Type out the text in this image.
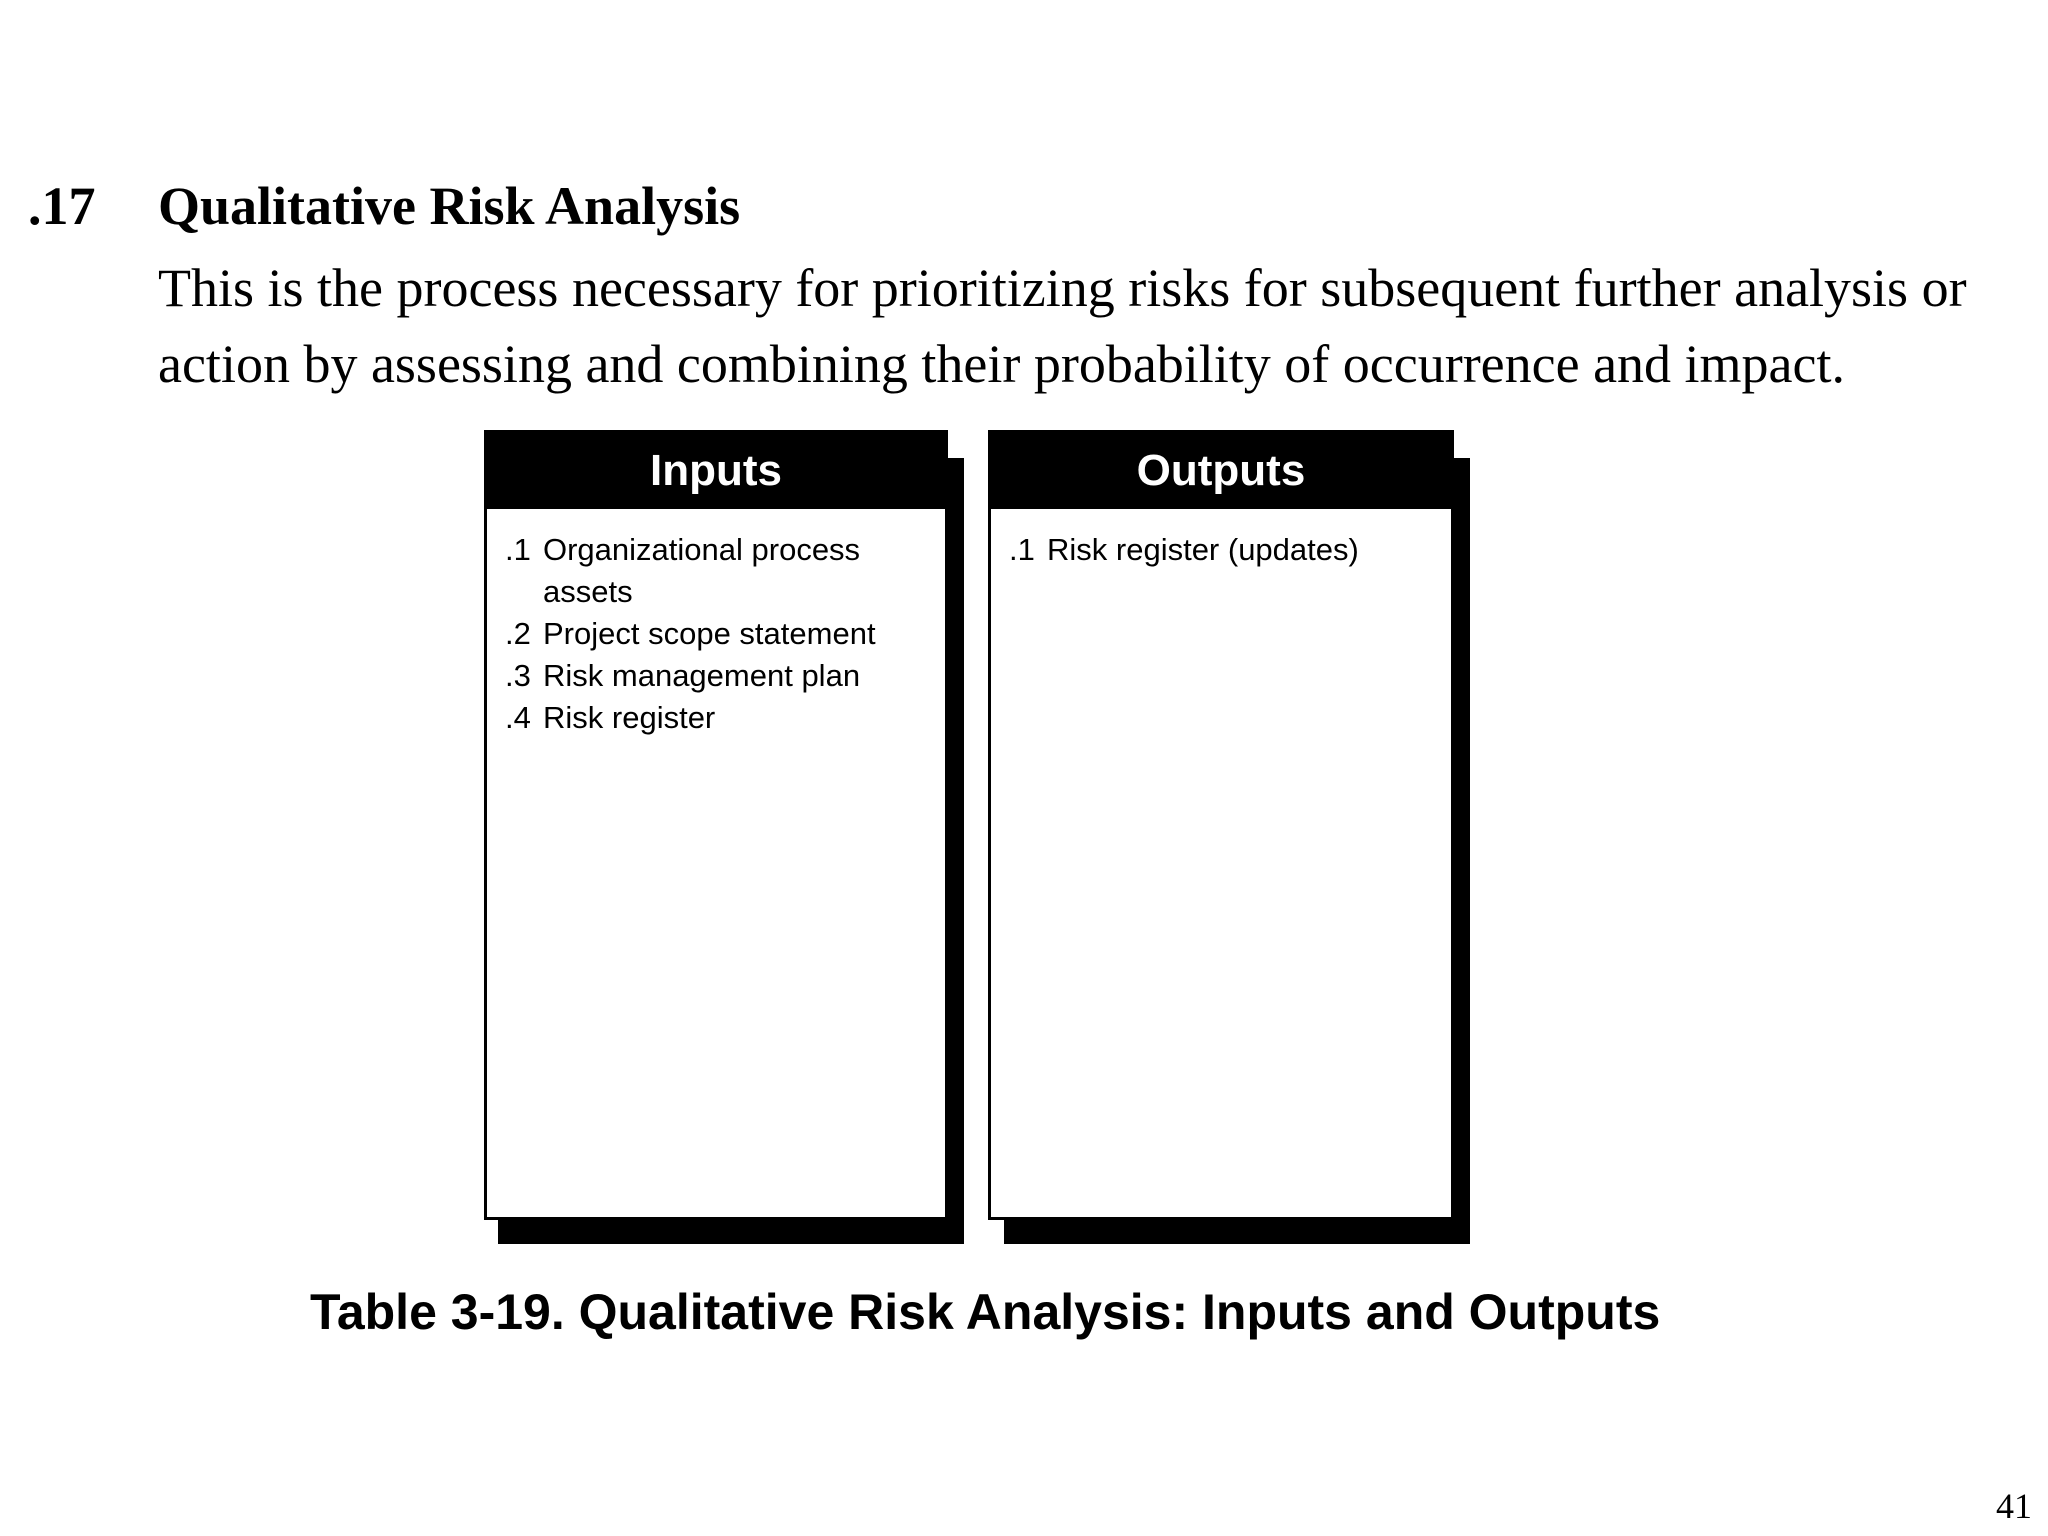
.17 Qualitative Risk Analysis
This is the process necessary for prioritizing risks for subsequent further analysis or action by assessing and combining their probability of occurrence and impact.
Inputs
.1 Organizational process assets
.2 Project scope statement
.3 Risk management plan
.4 Risk register
Outputs
.1 Risk register (updates)
Table 3-19. Qualitative Risk Analysis: Inputs and Outputs
41
